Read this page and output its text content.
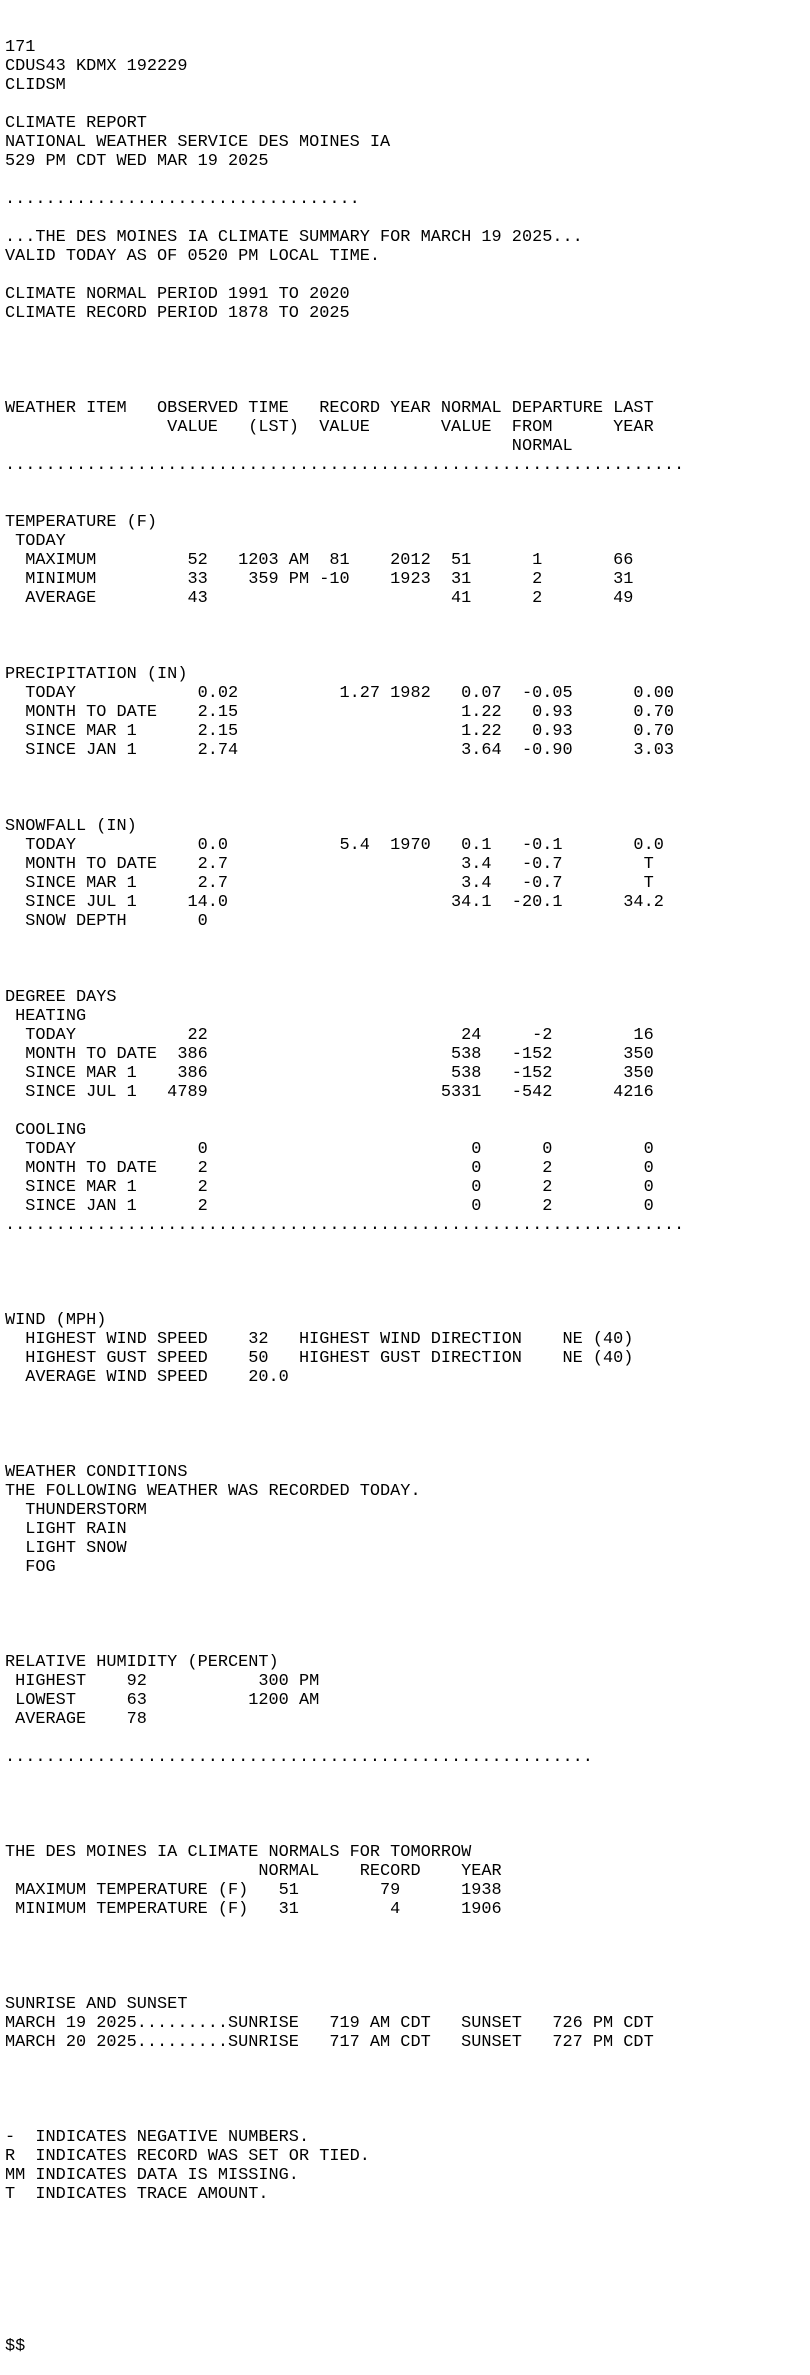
171
CDUS43 KDMX 192229
CLIDSM
CLIMATE REPORT
NATIONAL WEATHER SERVICE DES MOINES IA
529 PM CDT WED MAR 19 2025
...................................
...THE DES MOINES IA CLIMATE SUMMARY FOR MARCH 19 2025...
VALID TODAY AS OF 0520 PM LOCAL TIME.
CLIMATE NORMAL PERIOD 1991 TO 2020
CLIMATE RECORD PERIOD 1878 TO 2025

WEATHER ITEM   OBSERVED TIME   RECORD YEAR NORMAL DEPARTURE LAST
VALUE   (LST)  VALUE       VALUE  FROM      YEAR
NORMAL
...................................................................

TEMPERATURE (F)
TODAY
MAXIMUM         52   1203 AM  81    2012  51      1       66
MINIMUM         33    359 PM -10    1923  31      2       31
AVERAGE         43                        41      2       49

PRECIPITATION (IN)
TODAY            0.02          1.27 1982   0.07  -0.05      0.00
MONTH TO DATE    2.15                      1.22   0.93      0.70
SINCE MAR 1      2.15                      1.22   0.93      0.70
SINCE JAN 1      2.74                      3.64  -0.90      3.03

SNOWFALL (IN)
TODAY            0.0           5.4  1970   0.1   -0.1       0.0
MONTH TO DATE    2.7                       3.4   -0.7        T
SINCE MAR 1      2.7                       3.4   -0.7        T
SINCE JUL 1     14.0                      34.1  -20.1      34.2
SNOW DEPTH       0

DEGREE DAYS
HEATING
TODAY           22                         24     -2        16
MONTH TO DATE  386                        538   -152       350
SINCE MAR 1    386                        538   -152       350
SINCE JUL 1   4789                       5331   -542      4216
COOLING
TODAY            0                          0      0         0
MONTH TO DATE    2                          0      2         0
SINCE MAR 1      2                          0      2         0
SINCE JAN 1      2                          0      2         0
...................................................................

WIND (MPH)
HIGHEST WIND SPEED    32   HIGHEST WIND DIRECTION    NE (40)
HIGHEST GUST SPEED    50   HIGHEST GUST DIRECTION    NE (40)
AVERAGE WIND SPEED    20.0

WEATHER CONDITIONS
THE FOLLOWING WEATHER WAS RECORDED TODAY.
THUNDERSTORM
LIGHT RAIN
LIGHT SNOW
FOG

RELATIVE HUMIDITY (PERCENT)
HIGHEST    92           300 PM
LOWEST     63          1200 AM
AVERAGE    78
..........................................................

THE DES MOINES IA CLIMATE NORMALS FOR TOMORROW
NORMAL    RECORD    YEAR
MAXIMUM TEMPERATURE (F)   51        79      1938
MINIMUM TEMPERATURE (F)   31         4      1906

SUNRISE AND SUNSET
MARCH 19 2025.........SUNRISE   719 AM CDT   SUNSET   726 PM CDT
MARCH 20 2025.........SUNRISE   717 AM CDT   SUNSET   727 PM CDT

-  INDICATES NEGATIVE NUMBERS.
R  INDICATES RECORD WAS SET OR TIED.
MM INDICATES DATA IS MISSING.
T  INDICATES TRACE AMOUNT.

$$
